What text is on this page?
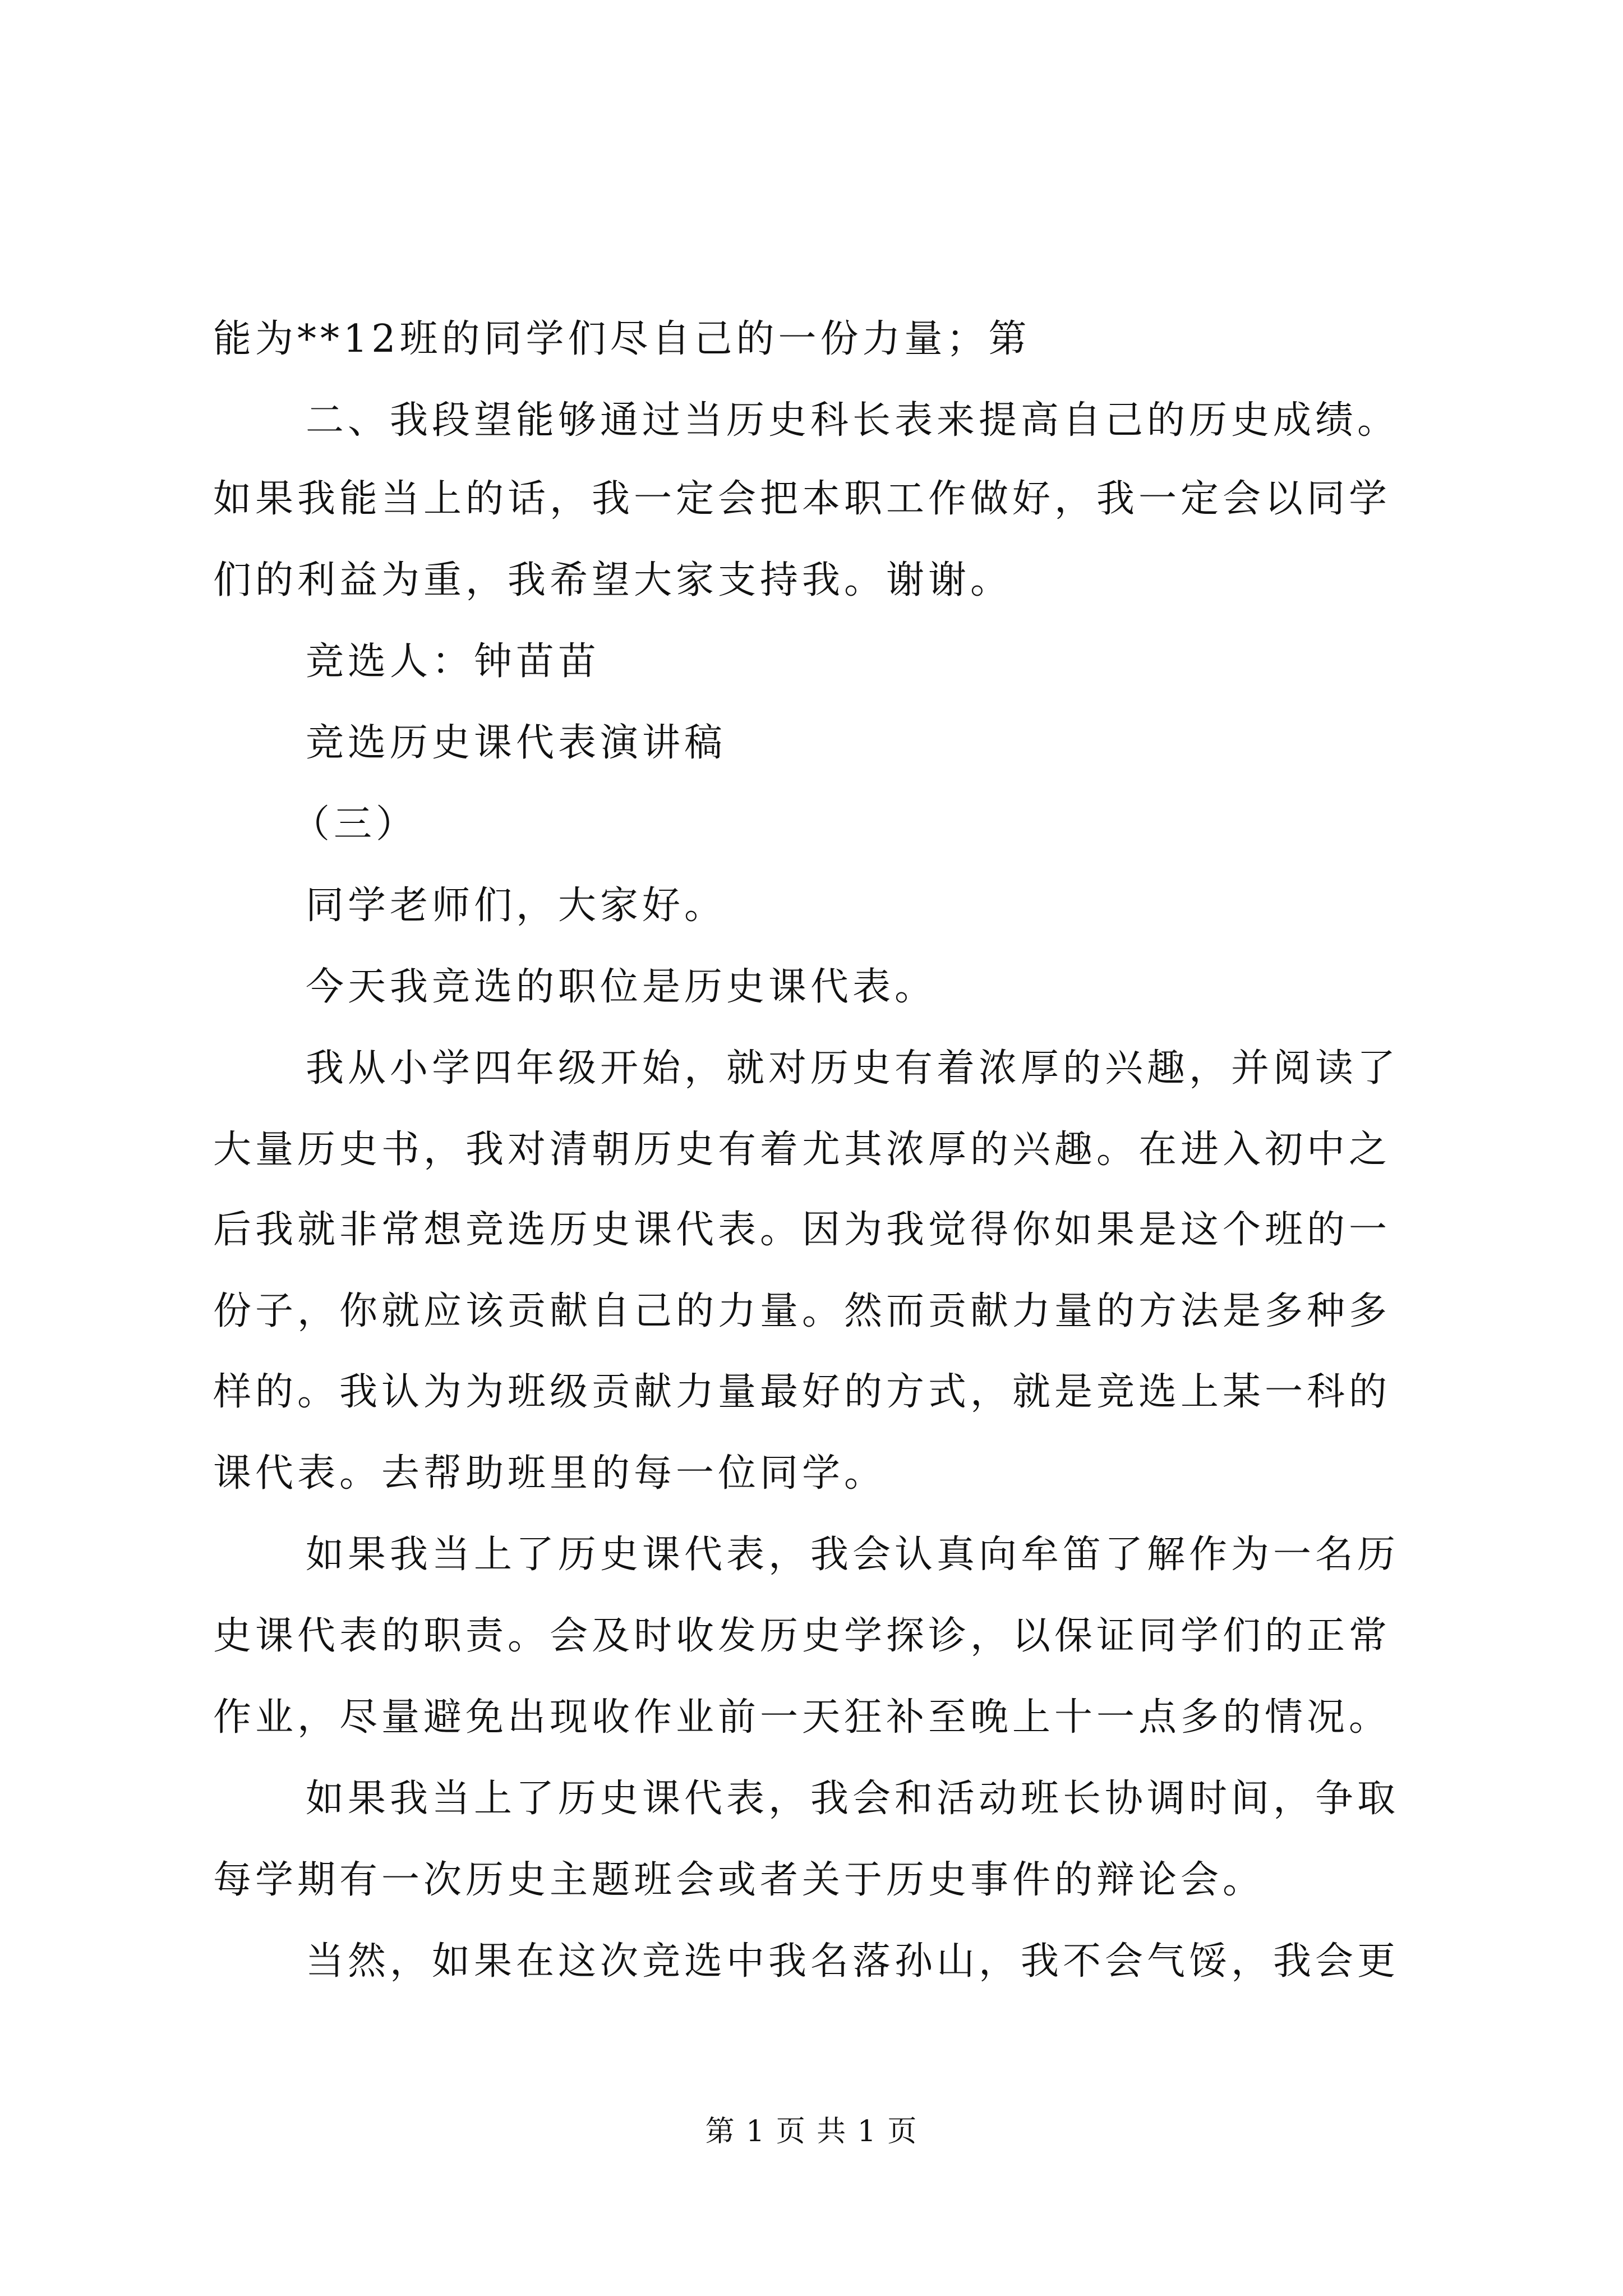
能为**12班的同学们尽自己的一份力量；第
二、我段望能够通过当历史科长表来提高自己的历史成绩。
如果我能当上的话，我一定会把本职工作做好，我一定会以同学
们的利益为重，我希望大家支持我。谢谢。
竞选人：钟苗苗
竞选历史课代表演讲稿
（三）
同学老师们，大家好。
今天我竞选的职位是历史课代表。
我从小学四年级开始，就对历史有着浓厚的兴趣，并阅读了
大量历史书，我对清朝历史有着尤其浓厚的兴趣。在进入初中之
后我就非常想竞选历史课代表。因为我觉得你如果是这个班的一
份子，你就应该贡献自己的力量。然而贡献力量的方法是多种多
样的。我认为为班级贡献力量最好的方式，就是竞选上某一科的
课代表。去帮助班里的每一位同学。
如果我当上了历史课代表，我会认真向牟笛了解作为一名历
史课代表的职责。会及时收发历史学探诊，以保证同学们的正常
作业，尽量避免出现收作业前一天狂补至晚上十一点多的情况。
如果我当上了历史课代表，我会和活动班长协调时间，争取
每学期有一次历史主题班会或者关于历史事件的辩论会。
当然，如果在这次竞选中我名落孙山，我不会气馁，我会更
第 1 页 共 1 页
